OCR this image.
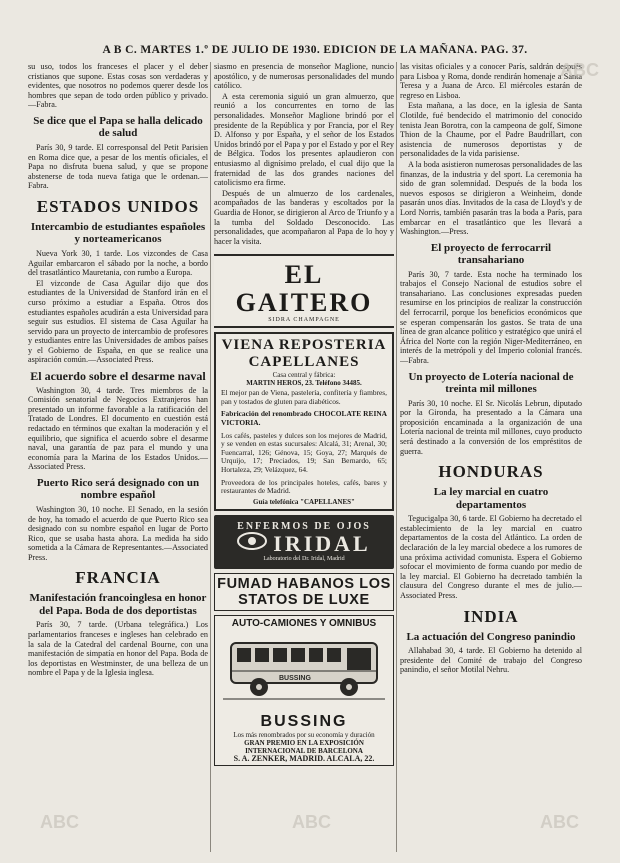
A B C. MARTES 1.º DE JULIO DE 1930. EDICION DE LA MAÑANA. PAG. 37.

su uso, todos los franceses el placer y el deber cristianos que supone. Estas cosas son verdaderas y evidentes, que nosotros no podemos querer desde los hombres que sepan de todo orden público y privado. —Fabra.

Se dice que el Papa se halla delicado de salud

París 30, 9 tarde. El corresponsal del Petit Parisien en Roma dice que, a pesar de los mentís oficiales, el Papa no disfruta buena salud, y que se propone abstenerse de toda nueva fatiga que le ordenan.—Fabra.

ESTADOS UNIDOS
Intercambio de estudiantes españoles y norteamericanos

Nueva York 30, 1 tarde. Los vizcondes de Casa Aguilar embarcaron el sábado por la noche, a bordo del trasatlántico Mauretania, con rumbo a Europa.

El vizconde de Casa Aguilar dijo que dos estudiantes de la Universidad de Stanford irán en el curso próximo a estudiar a España. Otros dos estudiantes españoles acudirán a esta Universidad para seguir sus estudios. El sistema de Casa Aguilar ha servido para un proyecto de intercambio de profesores y estudiantes entre las Universidades de ambos países y el Gobierno de España, en que se realice una aspiración común.—Associated Press.

El acuerdo sobre el desarme naval

Washington 30, 4 tarde. Tres miembros de la Comisión senatorial de Negocios Extranjeros han presentado un informe favorable a la ratificación del Tratado de Londres. El documento en cuestión está redactado en términos que exaltan la moderación y el equilibrio, que significa el acuerdo sobre el desarme naval, una garantía de paz para el mundo y una economía para la Marina de los Estados Unidos.—Associated Press.

Puerto Rico será designado con un nombre español

Washington 30, 10 noche. El Senado, en la sesión de hoy, ha tomado el acuerdo de que Puerto Rico sea designado con su nombre español en lugar de Porto Rico, que se usaba hasta ahora. La medida ha sido sometida a la Cámara de Representantes.—Associated Press.

FRANCIA
Manifestación francoinglesa en honor del Papa. Boda de dos deportistas

París 30, 7 tarde. (Urbana telegráfica.) Los parlamentarios franceses e ingleses han celebrado en la sala de la Catedral del cardenal Bourne, con una manifestación de simpatía en honor del Papa. Boda de los deportistas en Westminster, de una belleza de un nombre el Papa y de la Iglesia inglesa.

siasmo en presencia de monseñor Maglione, nuncio apostólico, y de numerosas personalidades del mundo católico.

A esta ceremonia siguió un gran almuerzo, que reunió a los concurrentes en torno de las personalidades. Monseñor Maglione brindó por el presidente de la República y por Francia, por el Rey D. Alfonso y por España, y el señor de los Estados Unidos brindó por el Papa y por el Estado y por el Rey de Bélgica. Todos los presentes aplaudieron con entusiasmo al dignísimo prelado, el cual dijo que la fraternidad de las dos grandes naciones del catolicismo era firme.

Después de un almuerzo de los cardenales, acompañados de las banderas y escoltados por la Guardia de Honor, se dirigieron al Arco de Triunfo y a la tumba del Soldado Desconocido. Las personalidades, que acompañaron al Papa de lo hoy y hacer la visita.

EL GAITERO
SIDRA CHAMPAGNE
VIENA REPOSTERIA CAPELLANES
Casa central y fábrica:
MARTIN HEROS, 23. Teléfono 34485.
El mejor pan de Viena, pastelería, confitería y fiambres, pan y tostados de gluten para diabéticos.
Fabricación del renombrado CHOCOLATE REINA VICTORIA.
Los cafés, pasteles y dulces son los mejores de Madrid, y se venden en estas sucursales: Alcalá, 31; Arenal, 30; Fuencarral, 126; Génova, 15; Goya, 27; Marqués de Urquijo, 17; Preciados, 19; San Bernardo, 65; Hortaleza, 29; Velázquez, 64.
Proveedora de los principales hoteles, cafés, bares y restaurantes de Madrid.
Guía telefónica "CAPELLANES"
ENFERMOS DE OJOS
IRIDAL
Laboratorio del Dr. Iridal, Madrid
FUMAD HABANOS LOS STATOS DE LUXE
AUTO-CAMIONES Y OMNIBUS
BUSSING
BUSSING
Los más renombrados por su economía y duración
GRAN PREMIO EN LA EXPOSICIÓN INTERNACIONAL DE BARCELONA
S. A. ZENKER, MADRID. ALCALA, 22.

las visitas oficiales y a conocer París, saldrán después para Lisboa y Roma, donde rendirán homenaje a Santa Teresa y a Juana de Arco. El miércoles estarán de regreso en Lisboa.

Esta mañana, a las doce, en la iglesia de Santa Clotilde, fué bendecido el matrimonio del conocido tenista Jean Borotra, con la campeona de golf, Simone Thion de la Chaume, por el Padre Baudrillart, con asistencia de numerosos deportistas y de personalidades de la vida parisiense.

A la boda asistieron numerosas personalidades de las finanzas, de la industria y del sport. La ceremonia ha sido de gran solemnidad. Después de la boda los nuevos esposos se dirigieron a Weinheim, donde pasarán unos días. Invitados de la casa de Lloyd's y de Lord Norris, también pasarán tras la boda a París, para embarcar en el trasatlántico que les llevará a Washington.—Press.

El proyecto de ferrocarril transahariano

París 30, 7 tarde. Esta noche ha terminado los trabajos el Consejo Nacional de estudios sobre el transahariano. Las conclusiones expresadas pueden resumirse en los principios de realizar la construcción del ferrocarril, porque los beneficios económicos que se esperan compensarán los gastos. Se trata de una línea de gran alcance político y estratégico que unirá el África del Norte con la región Niger-Mediterráneo, en interés de la metrópoli y del Imperio colonial francés.—Fabra.

Un proyecto de Lotería nacional de treinta mil millones

París 30, 10 noche. El Sr. Nicolás Lebrun, diputado por la Gironda, ha presentado a la Cámara una proposición encaminada a la organización de una Lotería nacional de treinta mil millones, cuyo producto será destinado a la conversión de los empréstitos de guerra.

HONDURAS
La ley marcial en cuatro departamentos

Tegucigalpa 30, 6 tarde. El Gobierno ha decretado el establecimiento de la ley marcial en cuatro departamentos de la costa del Atlántico. La orden de declaración de la ley marcial obedece a los rumores de una próxima actividad comunista. Espera el Gobierno sofocar el movimiento de forma cuando por medio de la ley marcial. El Gobierno ha decretado también la clausura del Congreso durante el mes de julio.—Associated Press.

INDIA
La actuación del Congreso panindio

Allahabad 30, 4 tarde. El Gobierno ha detenido al presidente del Comité de trabajo del Congreso panindio, el señor Motilal Nehru.

ABC	ABC	ABC
ABC
